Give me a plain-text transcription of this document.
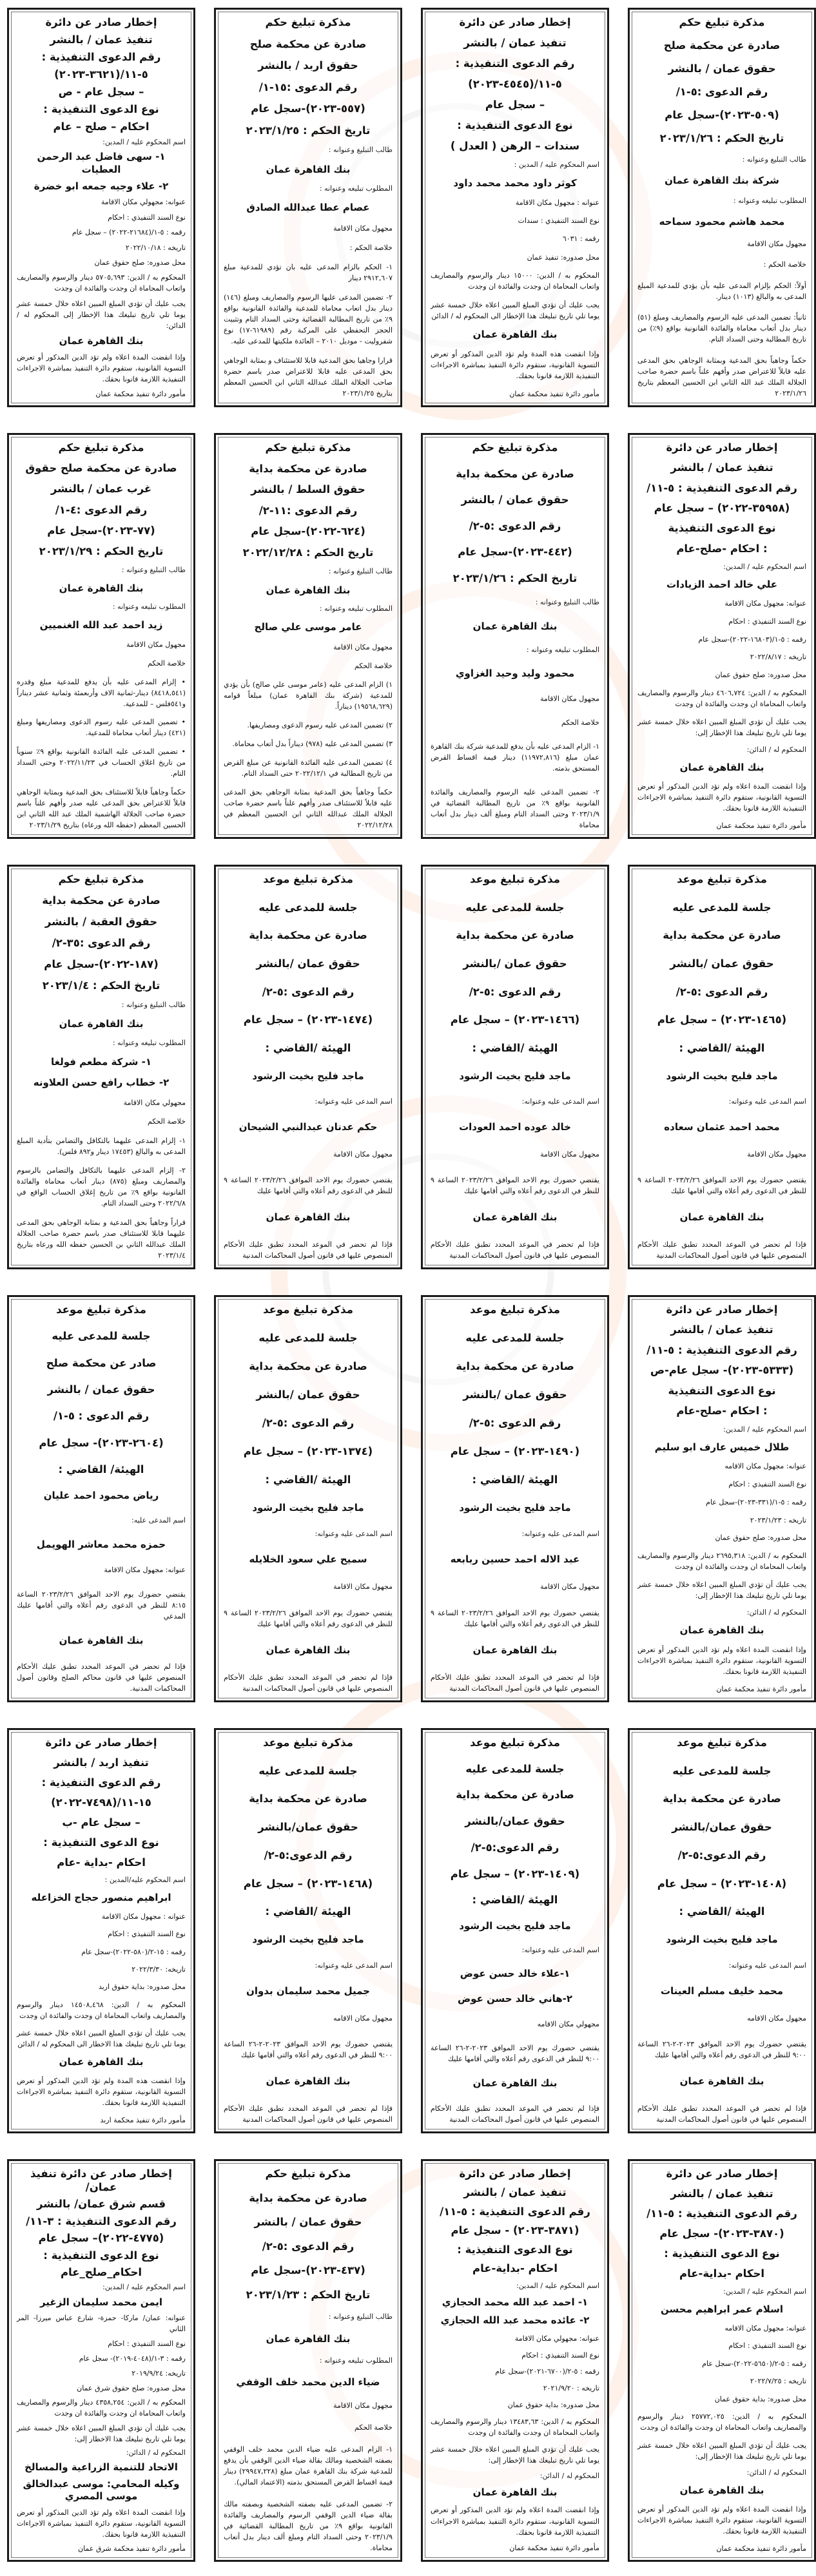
مذكرة تبليغ حكم
صادرة عن محكمة صلح
حقوق عمان / بالنشر
رقم الدعوى :٥-١/
(٥٠٩-٢٠٢٣)-سجل عام
تاريخ الحكم : ٢٠٢٣/١/٢٦
طالب التبليغ وعنوانه :
شركة بنك القاهرة عمان
المطلوب تبليغه وعنوانه :
محمد هاشم محمود سماحه
مجهول مكان الاقامة
خلاصة الحكم :
أولاً: الحكم بإلزام المدعى عليه بأن يؤدي للمدعية المبلغ المدعى به والبالغ (١٠١٣) دينار.
ثانياً: تضمين المدعى عليه الرسوم والمصاريف ومبلغ (٥١) دينار بدل أتعاب محاماة والفائدة القانونية بواقع (٩٪) من تاريخ المطالبة وحتى السداد التام.
حكماً وجاهياً بحق المدعية وبمثابة الوجاهي بحق المدعى عليه قابلاً للاعتراض صدر وأفهم علناً باسم حضرة صاحب الجلالة الملك عبد الله الثاني ابن الحسين المعظم بتاريخ ٢٠٢٣/١/٢٦
إخطار صادر عن دائرة
تنفيذ عمان / بالنشر
رقم الدعوى التنفيذية :
٥-١١/(٤٥٤٥-٢٠٢٣)
– سجل عام
نوع الدعوى التنفيذية :
سندات – الرهن ( العدل )
اسم المحكوم عليه / المدين :
كوثر داود محمد محمد داود
عنوانه : مجهول مكان الاقامة
نوع السند التنفيذي : سندات
رقمه : ٦٠٣١
محل صدوره: تنفيذ عمان
المحكوم به / الدين: ١٥٠٠٠ دينار والرسوم والمصاريف واتعاب المحاماة ان وجدت والفائدة ان وجدت
يجب عليك أن تؤدي المبلغ المبين اعلاه خلال خمسة عشر يوما تلي تاريخ تبليغك هذا الإخطار الى المحكوم له / الدائن
بنك القاهرة عمان
وإذا انقضت هذه المدة ولم تؤد الدين المذكور أو تعرض التسوية القانونية، ستقوم دائرة التنفيذ بمباشرة الاجراءات التنفيذية اللازمة قانونا بحقك.
مأمور دائرة تنفيذ محكمة عمان
مذكرة تبليغ حكم
صادرة عن محكمة صلح
حقوق اربد / بالنشر
رقم الدعوى :١٥-١/
(٥٥٧-٢٠٢٣)-سجل عام
تاريخ الحكم : ٢٠٢٣/١/٢٥
طالب التبليغ وعنوانه :
بنك القاهرة عمان
المطلوب تبليغه وعنوانه :
عصام عطا عبدالله الصادق
مجهول مكان الاقامة
خلاصة الحكم :
١- الحكم بالزام المدعى عليه بان تؤدي للمدعية مبلغ ٢٩١٢,٦٠٧ دينار
٢- تضمين المدعى عليها الرسوم والمصاريف ومبلغ (١٤٦) دينار بدل اتعاب محاماة للمدعية والفائدة القانونية بواقع ٩٪ من تاريخ المطالبة القضائية وحتى السداد التام وتثبيت الحجز التحفظي على المركبة رقم (٦١٩٨٩-١٧) نوع شفروليت - موديل ٢٠١٠ – العائدة ملكيتها للمدعى عليه.
قرارا وجاهيا بحق المدعية قابلا للاستئناف و بمثابة الوجاهي بحق المدعى عليه قابلا للاعتراض صدر باسم حضرة صاحب الجلالة الملك عبدالله الثاني ابن الحسين المعظم بتاريخ ٢٠٢٣/١/٢٥
إخطار صادر عن دائرة
تنفيذ عمان / بالنشر
رقم الدعوى التنفيذية :
٥-١١/(٣٦٢١-٢٠٢٣)
– سجل عام - ص
نوع الدعوى التنفيذية :
احكام – صلح – عام
اسم المحكوم عليه / المدين:
١- سهى فاضل عبد الرحمن العطيات
٢- علاء وجيه جمعه ابو خضرة
عنوانه: مجهولي مكان الاقامة
نوع السند التنفيذي : احكام
رقمه : ٥-١/(٢١٦٨٤-٢٠٢٢) – سجل عام
تاريخه : ٢٠٢٢/١٠/١٨
محل صدوره: صلح حقوق عمان
المحكوم به / الدين: ٥٧٠٥,٦٩٣ دينار والرسوم والمصاريف واتعاب المحاماة ان وجدت والفائدة ان وجدت
يجب عليك أن تؤدي المبلغ المبين اعلاه خلال خمسة عشر يوما تلي تاريخ تبليغك هذا الإخطار إلى المحكوم له / الدائن:
بنك القاهرة عمان
وإذا انقضت المدة اعلاه ولم تؤد الدين المذكور أو تعرض التسوية القانونية، ستقوم دائرة التنفيذ بمباشرة الاجراءات التنفيذية اللازمة قانونا بحقك.
مأمور دائرة تنفيذ محكمة عمان
إخطار صادر عن دائرة
تنفيذ عمان / بالنشر
رقم الدعوى التنفيذية : ٥-١١/
(٣٥٩٥٨-٢٠٢٢) – سجل عام
نوع الدعوى التنفيذية
: احكام -صلح-عام
اسم المحكوم عليه / المدين:
علي خالد احمد الزيادات
عنوانه: مجهول مكان الاقامة
نوع السند التنفيذي : احكام
رقمه : ٥-١/(١٦٨٠٣-٢٠٢٢)-سجل عام
تاريخه : ٢٠٢٢/٨/١٧
محل صدوره: صلح حقوق عمان
المحكوم به / الدين: ٤٦٠٦,٧٢٤ دينار والرسوم والمصاريف واتعاب المحاماة ان وجدت والفائدة ان وجدت
يجب عليك أن تؤدي المبلغ المبين اعلاه خلال خمسة عشر يوما تلي تاريخ تبليغك هذا الإخطار إلى:
المحكوم له / الدائن:
بنك القاهرة عمان
وإذا انقضت المدة اعلاه ولم تؤد الدين المذكور أو تعرض التسوية القانونية، ستقوم دائرة التنفيذ بمباشرة الاجراءات التنفيذية اللازمة قانونا بحقك.
مأمور دائرة تنفيذ محكمة عمان
مذكرة تبليغ حكم
صادرة عن محكمة بداية
حقوق عمان / بالنشر
رقم الدعوى :٥-٢/
(٤٤٢-٢٠٢٣)-سجل عام
تاريخ الحكم : ٢٠٢٣/١/٢٦
طالب التبليغ وعنوانه :
بنك القاهرة عمان
المطلوب تبليغه وعنوانه :
محمود وليد وحيد الغزاوي
مجهول مكان الاقامة
خلاصة الحكم
١- الزام المدعى عليه بأن يدفع للمدعية شركة بنك القاهرة عمان مبلغ (١١٩٧٢,٨١٦) دينار قيمة اقساط القرض المستحق بذمته.
٢- تضمين المدعى عليه الرسوم والمصاريف والفائدة القانونية بواقع ٩٪ من تاريخ المطالبة القضائية في ٢٠٢٣/١/٩ وحتى السداد التام ومبلغ ألف دينار بدل أتعاب محاماة
مذكرة تبليغ حكم
صادرة عن محكمة بداية
حقوق السلط / بالنشر
رقم الدعوى :١١-٢/
(٦٢٤-٢٠٢٢)-سجل عام
تاريخ الحكم : ٢٠٢٢/١٢/٢٨
طالب التبليغ وعنوانه :
بنك القاهرة عمان
المطلوب تبليغه وعنوانه :
عامر موسى علي صالح
مجهول مكان الاقامة
خلاصة الحكم
١) الزام المدعى عليه (عامر موسى علي صالح) بأن يؤدي للمدعية (شركة بنك القاهرة عمان) مبلغاً قوامه (١٩٥٦٨,٦٢٩) ديناراً.
٢) تضمين المدعى عليه رسوم الدعوى ومصاريفها.
٣) تضمين المدعى عليه (٩٧٨) ديناراً بدل أتعاب محاماة.
٤) تضمين المدعى عليه الفائدة القانونية عن مبلغ القرض من تاريخ المطالبة في ٢٠٢٢/١٢/١ حتى السداد التام.
حكماً وجاهياً بحق المدعية بمثابة الوجاهي بحق المدعى عليه قابلاً للاستئناف صدر وأفهم علناً باسم حضرة صاحب الجلالة الملك عبدالله الثاني ابن الحسين المعظم في ٢٠٢٢/١٢/٢٨
مذكرة تبليغ حكم
صادرة عن محكمة صلح حقوق
غرب عمان / بالنشر
رقم الدعوى :٤-١/
(٧٧-٢٠٢٣)-سجل عام
تاريخ الحكم : ٢٠٢٣/١/٢٩
طالب التبليغ وعنوانه :
بنك القاهرة عمان
المطلوب تبليغه وعنوانه :
زيد احمد عبد الله الغنميين
مجهول مكان الاقامة
خلاصة الحكم
• إلزام المدعى عليه بأن يدفع للمدعية مبلغ وقدره (٨٤١٨,٥٤١) دينار-ثمانية الاف وأربعمئة وثمانية عشر ديناراً و٥٤١فلس – للمدعية.
• تضمين المدعى عليه رسوم الدعوى ومصاريفها ومبلغ (٤٢١) دينار أتعاب محاماة للمدعية.
• تضمين المدعى عليه الفائدة القانونية بواقع ٩٪ سنوياً من تاريخ اغلاق الحساب في ٢٠٢٢/١١/٢٣ وحتى السداد التام.
حكماً وجاهياً قابلاً للاستئناف بحق المدعية وبمثابة الوجاهي قابلاً للاعتراض بحق المدعى عليه صدر وأفهم علناً باسم حضرة صاحب الجلالة الهاشمية الملك عبد الله الثاني ابن الحسين المعظم (حفظه الله ورعاه) بتاريخ ٢٠٢٣/١/٢٩
مذكرة تبليغ موعد
جلسة للمدعى عليه
صادرة عن محكمة بداية
حقوق عمان /بالنشر
رقم الدعوى :٥-٢/
(١٤٦٥-٢٠٢٣) – سجل عام
الهيئة /القاضي :
ماجد فليح بخيت الرشود
اسم المدعى عليه وعنوانه:
محمد احمد عثمان سعاده
مجهول مكان الاقامة
يقتضي حضورك يوم الاحد الموافق ٢٠٢٣/٢/٢٦ الساعة ٩ للنظر في الدعوى رقم أعلاه والتي أقامها عليك
بنك القاهرة عمان
فإذا لم تحضر في الموعد المحدد تطبق عليك الأحكام المنصوص عليها في قانون أصول المحاكمات المدنية
مذكرة تبليغ موعد
جلسة للمدعى عليه
صادرة عن محكمة بداية
حقوق عمان /بالنشر
رقم الدعوى :٥-٢/
(١٤٦٦-٢٠٢٣) – سجل عام
الهيئة /القاضي :
ماجد فليح بخيت الرشود
اسم المدعى عليه وعنوانه:
خالد عوده احمد العودات
مجهول مكان الاقامة
يقتضي حضورك يوم الاحد الموافق ٢٠٢٣/٢/٢٦ الساعة ٩ للنظر في الدعوى رقم أعلاه والتي أقامها عليك
بنك القاهرة عمان
فإذا لم تحضر في الموعد المحدد تطبق عليك الأحكام المنصوص عليها في قانون أصول المحاكمات المدنية
مذكرة تبليغ موعد
جلسة للمدعى عليه
صادرة عن محكمة بداية
حقوق عمان /بالنشر
رقم الدعوى :٥-٢/
(١٤٧٤-٢٠٢٣) – سجل عام
الهيئة /القاضي :
ماجد فليح بخيت الرشود
اسم المدعى عليه وعنوانه:
حكم عدنان عبدالنبي الشيحان
مجهول مكان الاقامة
يقتضي حضورك يوم الاحد الموافق ٢٠٢٣/٢/٢٦ الساعة ٩ للنظر في الدعوى رقم أعلاه والتي أقامها عليك
بنك القاهرة عمان
فإذا لم تحضر في الموعد المحدد تطبق عليك الأحكام المنصوص عليها في قانون أصول المحاكمات المدنية
مذكرة تبليغ حكم
صادرة عن محكمة بداية
حقوق العقبة / بالنشر
رقم الدعوى :٣٥-٢/
(١٨٧-٢٠٢٢)-سجل عام
تاريخ الحكم : ٢٠٢٣/١/٤
طالب التبليغ وعنوانه :
بنك القاهرة عمان
المطلوب تبليغه وعنوانه :
١- شركة مطعم فولغا
٢- خطاب رافع حسن العلاونه
مجهولي مكان الاقامة
خلاصة الحكم
١- إلزام المدعى عليهما بالتكافل والتضامن بتأدية المبلغ المدعى به والبالغ (١٧٤٥٣ دينار و٨٩٢ فلس).
٢- إلزام المدعى عليهما بالتكافل والتضامن بالرسوم والمصاريف ومبلغ (٨٧٥) دينار أتعاب محاماة والفائدة القانونية بواقع ٩٪ من تاريخ إغلاق الحساب الواقع في ٢٠٢٢/٦/٨ وحتى السداد التام.
قراراً وجاهياً بحق المدعية و بمثابة الوجاهي بحق المدعى عليهما قابلا للاستئناف صدر باسم حضرة صاحب الجلالة الملك عبدالله الثاني بن الحسين حفظه الله ورعاه بتاريخ ٢٠٢٣/١/٤
إخطار صادر عن دائرة
تنفيذ عمان / بالنشر
رقم الدعوى التنفيذية : ٥-١١/
(٥٣٣٣-٢٠٢٣)- سجل عام-ص
نوع الدعوى التنفيذية
: احكام -صلح-عام
اسم المحكوم عليه / المدين:
طلال خميس عارف ابو سليم
عنوانه: مجهول مكان الاقامه
نوع السند التنفيذي : احكام
رقمه : ٥-١/(٣٣١-٢٠٢٣)-سجل عام
تاريخه : ٢٠٢٣/١/٢٣
محل صدوره: صلح حقوق عمان
المحكوم به / الدين: ٢٦٩٥,٣١٨ دينار والرسوم والمصاريف واتعاب المحاماة ان وجدت والفائدة ان وجدت
يجب عليك أن تؤدي المبلغ المبين اعلاه خلال خمسة عشر يوما تلي تاريخ تبليغك هذا الإخطار إلى:
المحكوم له / الدائن:
بنك القاهرة عمان
وإذا انقضت المدة اعلاه ولم تؤد الدين المذكور أو تعرض التسوية القانونية، ستقوم دائرة التنفيذ بمباشرة الاجراءات التنفيذية اللازمة قانونا بحقك.
مأمور دائرة تنفيذ محكمة عمان
مذكرة تبليغ موعد
جلسة للمدعى عليه
صادرة عن محكمة بداية
حقوق عمان /بالنشر
رقم الدعوى :٥-٢/
(١٤٩٠-٢٠٢٣) – سجل عام
الهيئة /القاضي :
ماجد فليح بخيت الرشود
اسم المدعى عليه وعنوانه:
عبد الاله احمد حسين ربابعه
مجهول مكان الاقامة
يقتضي حضورك يوم الاحد الموافق ٢٠٢٣/٢/٢٦ الساعة ٩ للنظر في الدعوى رقم أعلاه والتي أقامها عليك
بنك القاهرة عمان
فإذا لم تحضر في الموعد المحدد تطبق عليك الأحكام المنصوص عليها في قانون أصول المحاكمات المدنية
مذكرة تبليغ موعد
جلسة للمدعى عليه
صادرة عن محكمة بداية
حقوق عمان /بالنشر
رقم الدعوى :٥-٢/
(١٣٧٤-٢٠٢٣) – سجل عام
الهيئة /القاضي :
ماجد فليح بخيت الرشود
اسم المدعى عليه وعنوانه:
سميح علي سعود الخلايله
مجهول مكان الاقامة
يقتضي حضورك يوم الاحد الموافق ٢٠٢٣/٢/٢٦ الساعة ٩ للنظر في الدعوى رقم أعلاه والتي أقامها عليك
بنك القاهرة عمان
فإذا لم تحضر في الموعد المحدد تطبق عليك الأحكام المنصوص عليها في قانون أصول المحاكمات المدنية
مذكرة تبليغ موعد
جلسة للمدعى عليه
صادر عن محكمة صلح
حقوق عمان / بالنشر
رقم الدعوى : ٥-١/
(٢٦٠٤-٢٠٢٣)- سجل عام
الهيئة/ القاضي :
رياض محمود احمد عليان
اسم المدعى عليه:
حمزه محمد معاشر الهويمل
عنوانه: مجهول مكان الاقامة
يقتضي حضورك يوم الاحد الموافق ٢٠٢٣/٢/٢٦ الساعة ٨:١٥ للنظر في الدعوى رقم أعلاه والتي أقامها عليك المدعي
بنك القاهرة عمان
فإذا لم تحضر في الموعد المحدد تطبق عليك الأحكام المنصوص عليها في قانون محاكم الصلح وقانون أصول المحاكمات المدنية.
مذكرة تبليغ موعد
جلسة للمدعى عليه
صادرة عن محكمة بداية
حقوق عمان/بالنشر
رقم الدعوى:٥-٢/
(١٤٠٨-٢٠٢٣) – سجل عام
الهيئة /القاضي :
ماجد فليح بخيت الرشود
اسم المدعى عليه وعنوانه:
محمد خليف مسلم العينات
مجهول مكان الاقامه
يقتضي حضورك يوم الاحد الموافق ٢٠٢٣-٢-٢٦ الساعة ٩:٠٠ للنظر في الدعوى رقم أعلاه والتي أقامها عليك
بنك القاهرة عمان
فإذا لم تحضر في الموعد المحدد تطبق عليك الأحكام المنصوص عليها في قانون أصول المحاكمات المدنية
مذكرة تبليغ موعد
جلسة للمدعى عليه
صادرة عن محكمة بداية
حقوق عمان/بالنشر
رقم الدعوى:٥-٢/
(١٤٠٩-٢٠٢٣) – سجل عام
الهيئة /القاضي :
ماجد فليح بخيت الرشود
اسم المدعى عليه وعنوانه:
١-علاء خالد حسن عوض
٢-هاني خالد حسن عوض
مجهولي مكان الاقامه
يقتضي حضورك يوم الاحد الموافق ٢٠٢٣-٢-٢٦ الساعة ٩:٠٠ للنظر في الدعوى رقم أعلاه والتي أقامها عليك
بنك القاهرة عمان
فإذا لم تحضر في الموعد المحدد تطبق عليك الأحكام المنصوص عليها في قانون أصول المحاكمات المدنية
مذكرة تبليغ موعد
جلسة للمدعى عليه
صادرة عن محكمة بداية
حقوق عمان/بالنشر
رقم الدعوى:٥-٢/
(١٤٦٨-٢٠٢٣) – سجل عام
الهيئة /القاضي :
ماجد فليح بخيت الرشود
اسم المدعى عليه وعنوانه:
جميل محمد سليمان بدوان
مجهول مكان الاقامه
يقتضي حضورك يوم الاحد الموافق ٢٠٢٣-٢-٢٦ الساعة ٩:٠٠ للنظر في الدعوى رقم أعلاه والتي أقامها عليك
بنك القاهرة عمان
فإذا لم تحضر في الموعد المحدد تطبق عليك الأحكام المنصوص عليها في قانون أصول المحاكمات المدنية
إخطار صادر عن دائرة
تنفيذ اربد / بالنشر
رقم الدعوى التنفيذية :
١٥-١١/(٧٤٩٨-٢٠٢٢)
– سجل عام -ب
نوع الدعوى التنفيذية :
احكام -بداية -عام
اسم المحكوم عليه/المدين :
ابراهيم منصور حجاج الخزاعله
عنوانه : مجهول مكان الاقامة
نوع السند التنفيذي : احكام
رقمه : ١٥-٢/(٥٨٠-٢٠٢٢)-سجل عام
تاريخه: ٢٠٢٢/٣/٣٠
محل صدوره: بداية حقوق اربد
المحكوم به / الدين: ١٤٥٠٨,٤٦٨ دينار والرسوم والمصاريف واتعاب المحاماة ان وجدت والفائدة ان وجدت
يجب عليك أن تؤدي المبلغ المبين اعلاه خلال خمسة عشر يوما تلي تاريخ تبليغك هذا الاخطار الى المحكوم له / الدائن
بنك القاهرة عمان
وإذا انقضت هذه المدة ولم تؤد الدين المذكور أو تعرض التسوية القانونية، ستقوم دائرة التنفيذ بمباشرة الاجراءات التنفيذية اللازمة قانونا بحقك.
مأمور دائرة تنفيذ محكمة اربد
إخطار صادر عن دائرة
تنفيذ عمان / بالنشر
رقم الدعوى التنفيذية : ٥-١١/
(٣٨٧٠-٢٠٢٣)- سجل عام
نوع الدعوى التنفيذية :
احكام -بداية-عام
اسم المحكوم عليه / المدين:
اسلام عمر ابراهيم محسن
عنوانه: مجهول مكان الاقامه
نوع السند التنفيذي : احكام
رقمه : ٥-٢/(٥٦٥٠-٢٠٢٢)-سجل عام
تاريخه : ٢٠٢٢/٧/٢٥
محل صدوره: بداية حقوق عمان
المحكوم به / الدين: ٢٥٧٧٢,٠٢٥ دينار والرسوم والمصاريف واتعاب المحاماة ان وجدت والفائدة ان وجدت
يجب عليك أن تؤدي المبلغ المبين اعلاه خلال خمسة عشر يوما تلي تاريخ تبليغك هذا الإخطار إلى:
المحكوم له / الدائن:
بنك القاهرة عمان
وإذا انقضت المدة اعلاه ولم تؤد الدين المذكور أو تعرض التسوية القانونية، ستقوم دائرة التنفيذ بمباشرة الاجراءات التنفيذية اللازمة قانونا بحقك.
مأمور دائرة تنفيذ محكمة عمان
إخطار صادر عن دائرة
تنفيذ عمان / بالنشر
رقم الدعوى التنفيذية : ٥-١١/
(٣٨٧١-٢٠٢٣) - سجل عام
نوع الدعوى التنفيذية :
احكام -بداية-عام
اسم المحكوم عليه / المدين:
١- احمد عبد الله محمد الحجازي
٢- عائده محمد عبد الله الحجازي
عنوانه: مجهولي مكان الاقامة
نوع السند التنفيذي : احكام
رقمه : ٥-٢/(٦٧٠٠-٢٠٢١)-سجل عام
تاريخه : ٢٠٢١/٩/٢٠
محل صدوره: بداية حقوق عمان
المحكوم به / الدين: ١٣٤٨٣,٦٣ دينار والرسوم والمصاريف واتعاب المحاماة ان وجدت والفائدة ان وجدت
يجب عليك أن تؤدي المبلغ المبين اعلاه خلال خمسة عشر يوما تلي تاريخ تبليغك هذا الإخطار إلى:
المحكوم له / الدائن:
بنك القاهرة عمان
وإذا انقضت المدة اعلاه ولم تؤد الدين المذكور أو تعرض التسوية القانونية، ستقوم دائرة التنفيذ بمباشرة الاجراءات التنفيذية اللازمة قانونا بحقك.
مأمور دائرة تنفيذ محكمة عمان
مذكرة تبليغ حكم
صادرة عن محكمة بداية
حقوق عمان / بالنشر
رقم الدعوى :٥-٢/
(٤٣٧-٢٠٢٣)-سجل عام
تاريخ الحكم : ٢٠٢٣/١/٢٣
طالب التبليغ وعنوانه :
بنك القاهرة عمان
المطلوب تبليغه وعنوانه :
ضياء الدين محمد خلف الوقفي
مجهول مكان الاقامة
خلاصة الحكم
١- الزام المدعى عليه ضياء الدين محمد خلف الوقفي بصفته الشخصية ومالك بقالة ضياء الدين الوقفي بأن يدفع للمدعية شركة بنك القاهرة عمان مبلغ (٢٩٩٤٧,٢٢٨) دينار قيمة اقساط القرض المستحق بذمته (الاعتماد المالي).
٢- تضمين المدعى عليه بصفته الشخصية وبصفته مالك بقالة ضياء الدين الوقفي الرسوم والمصاريف والفائدة القانونية بواقع ٩٪ من تاريخ المطالبة القضائية في ٢٠٢٣/١/٩ وحتى السداد التام ومبلغ ألف دينار بدل أتعاب محاماة.
إخطار صادر عن دائرة تنفيذ عمان/
قسم شرق عمان/ بالنشر
رقم الدعوى التنفيذية : ٣-١١/
(٤٧٧٥-٢٠٢٢)– سجل عام
نوع الدعوى التنفيذية :
احكام_صلح_عام
اسم المحكوم عليه / المدين:
ايمن محمد سليمان الزغير
عنوانه: عمان/ ماركا- حمزة- شارع عباس ميرزا- المر الثاني
نوع السند التنفيذي : احكام
رقمه : ٣-١/(٤٠٤٨-٢٠١٩)- سجل عام
تاريخه: ٢٠١٩/٩/٢٤
محل صدوره: صلح حقوق شرق عمان
المحكوم به / الدين: ٤٣٥٨,٢٥٤ دينار والرسوم والمصاريف واتعاب المحاماة ان وجدت والفائدة ان وجدت
يجب عليك أن تؤدي المبلغ المبين اعلاه خلال خمسة عشر يوما تلي تاريخ تبليغك هذا الاخطار إلى:
المحكوم له / الدائن:
الاتحاد للتنمية الزراعية والمسالخ
وكيله المحامي: موسى عبدالخالق موسى المصري
وإذا انقضت المدة اعلاه ولم تؤد الدين المذكور أو تعرض التسوية القانونية، ستقوم دائرة التنفيذ بمباشرة الاجراءات التنفيذية اللازمة قانونا بحقك.
مأمور دائرة تنفيذ محكمة شرق عمان
